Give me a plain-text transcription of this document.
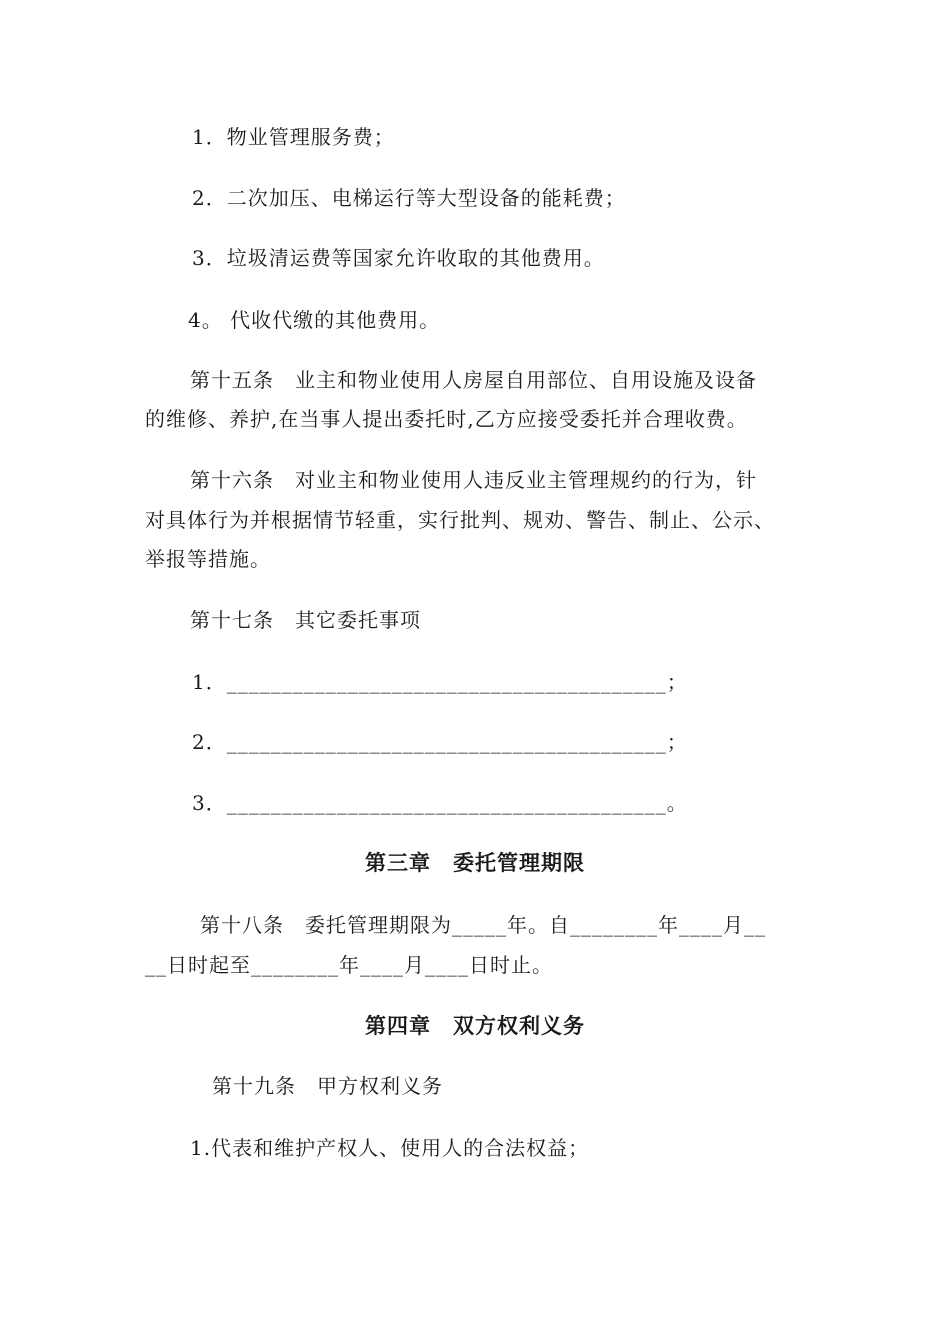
1．物业管理服务费；
2．二次加压、电梯运行等大型设备的能耗费；
3．垃圾清运费等国家允许收取的其他费用。
4。 代收代缴的其他费用。
第十五条　业主和物业使用人房屋自用部位、自用设施及设备
的维修、养护,在当事人提出委托时,乙方应接受委托并合理收费。
第十六条　对业主和物业使用人违反业主管理规约的行为，针
对具体行为并根据情节轻重，实行批判、规劝、警告、制止、公示、
举报等措施。
第十七条　其它委托事项
1．________________________________________；
2．________________________________________；
3．________________________________________。
第三章　委托管理期限
第十八条　委托管理期限为_____年。自________年____月__
__日时起至________年____月____日时止。
第四章　双方权利义务
第十九条　甲方权利义务
1.代表和维护产权人、使用人的合法权益；
